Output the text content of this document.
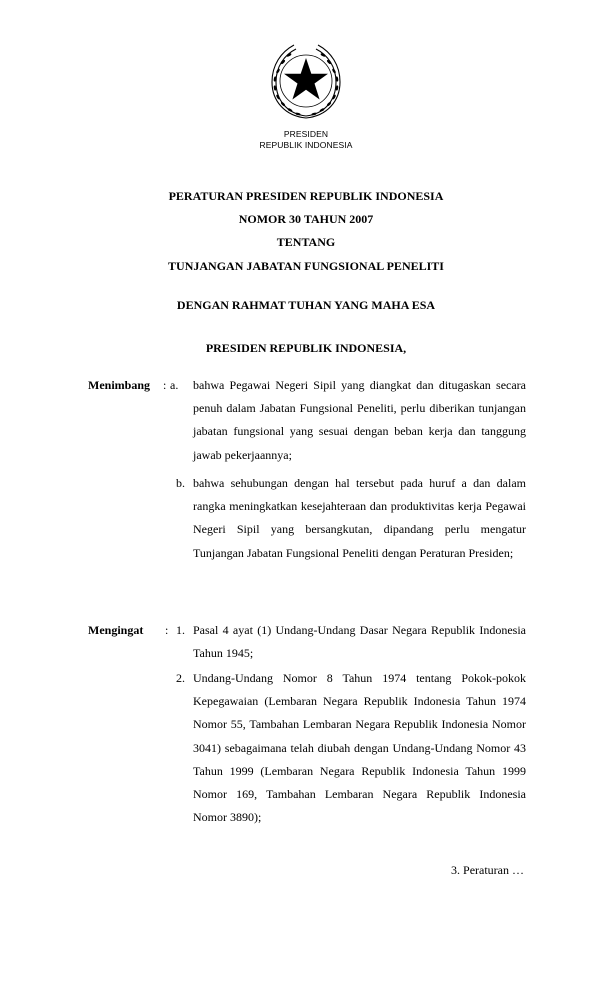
PRESIDEN
REPUBLIK INDONESIA
PERATURAN PRESIDEN REPUBLIK INDONESIA
NOMOR 30 TAHUN 2007
TENTANG
TUNJANGAN JABATAN FUNGSIONAL PENELITI
DENGAN RAHMAT TUHAN YANG MAHA ESA
PRESIDEN REPUBLIK INDONESIA,
Menimbang : a. bahwa Pegawai Negeri Sipil yang diangkat dan ditugaskan secara penuh dalam Jabatan Fungsional Peneliti, perlu diberikan tunjangan jabatan fungsional yang sesuai dengan beban kerja dan tanggung jawab pekerjaannya;
b. bahwa sehubungan dengan hal tersebut pada huruf a dan dalam rangka meningkatkan kesejahteraan dan produktivitas kerja Pegawai Negeri Sipil yang bersangkutan, dipandang perlu mengatur Tunjangan Jabatan Fungsional Peneliti dengan Peraturan Presiden;
Mengingat : 1. Pasal 4 ayat (1) Undang-Undang Dasar Negara Republik Indonesia Tahun 1945;
2. Undang-Undang Nomor 8 Tahun 1974 tentang Pokok-pokok Kepegawaian (Lembaran Negara Republik Indonesia Tahun 1974 Nomor 55, Tambahan Lembaran Negara Republik Indonesia Nomor 3041) sebagaimana telah diubah dengan Undang-Undang Nomor 43 Tahun 1999 (Lembaran Negara Republik Indonesia Tahun 1999 Nomor 169, Tambahan Lembaran Negara Republik Indonesia Nomor 3890);
3. Peraturan …
